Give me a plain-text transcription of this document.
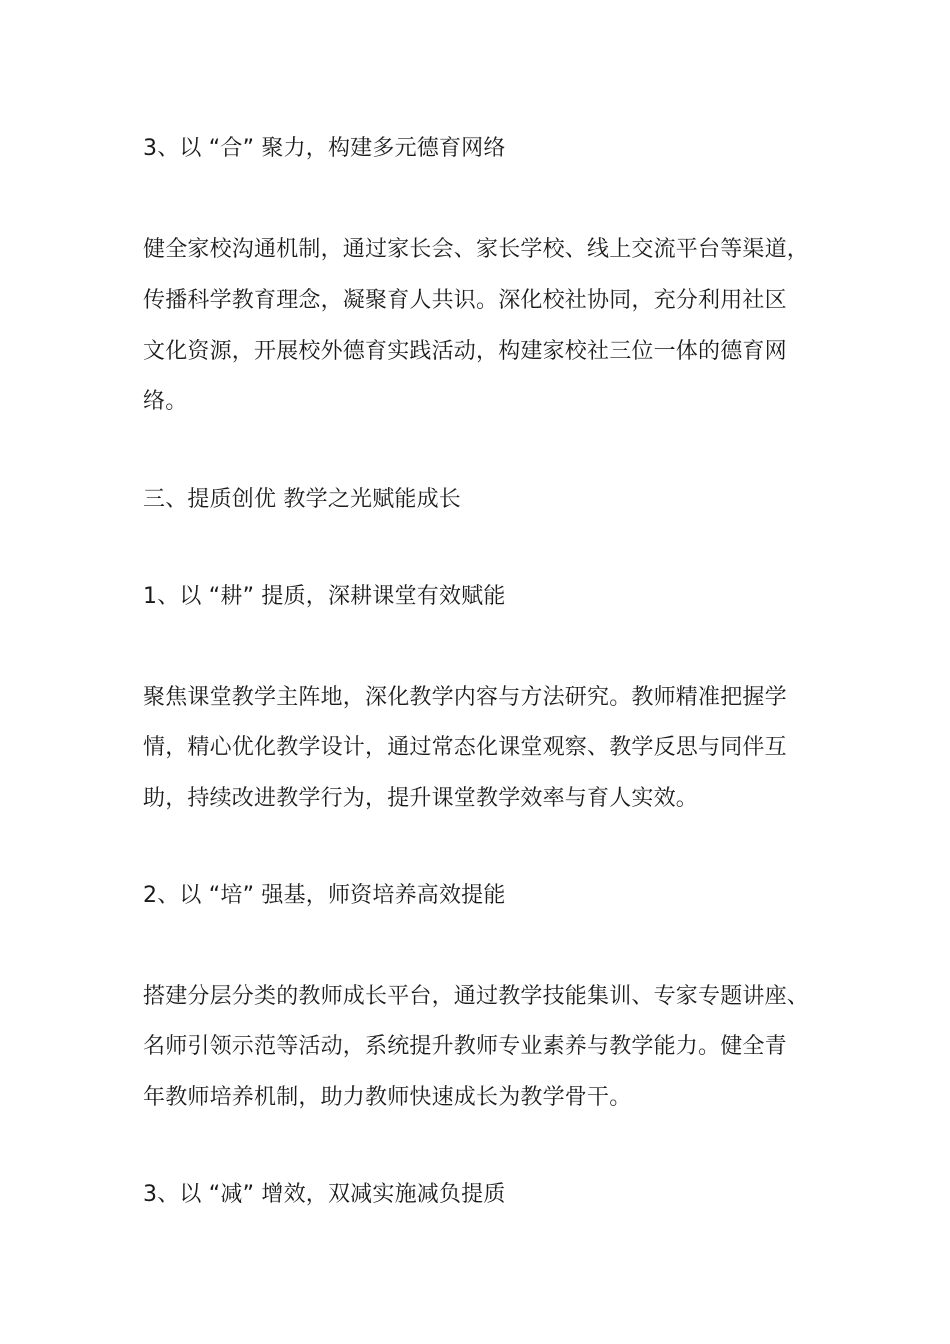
3、以 “合” 聚力，构建多元德育网络
健全家校沟通机制，通过家长会、家长学校、线上交流平台等渠道，
传播科学教育理念，凝聚育人共识。深化校社协同，充分利用社区
文化资源，开展校外德育实践活动，构建家校社三位一体的德育网
络。
三、提质创优 教学之光赋能成长
1、以 “耕” 提质，深耕课堂有效赋能
聚焦课堂教学主阵地，深化教学内容与方法研究。教师精准把握学
情，精心优化教学设计，通过常态化课堂观察、教学反思与同伴互
助，持续改进教学行为，提升课堂教学效率与育人实效。
2、以 “培” 强基，师资培养高效提能
搭建分层分类的教师成长平台，通过教学技能集训、专家专题讲座、
名师引领示范等活动，系统提升教师专业素养与教学能力。健全青
年教师培养机制，助力教师快速成长为教学骨干。
3、以 “减” 增效，双减实施减负提质
